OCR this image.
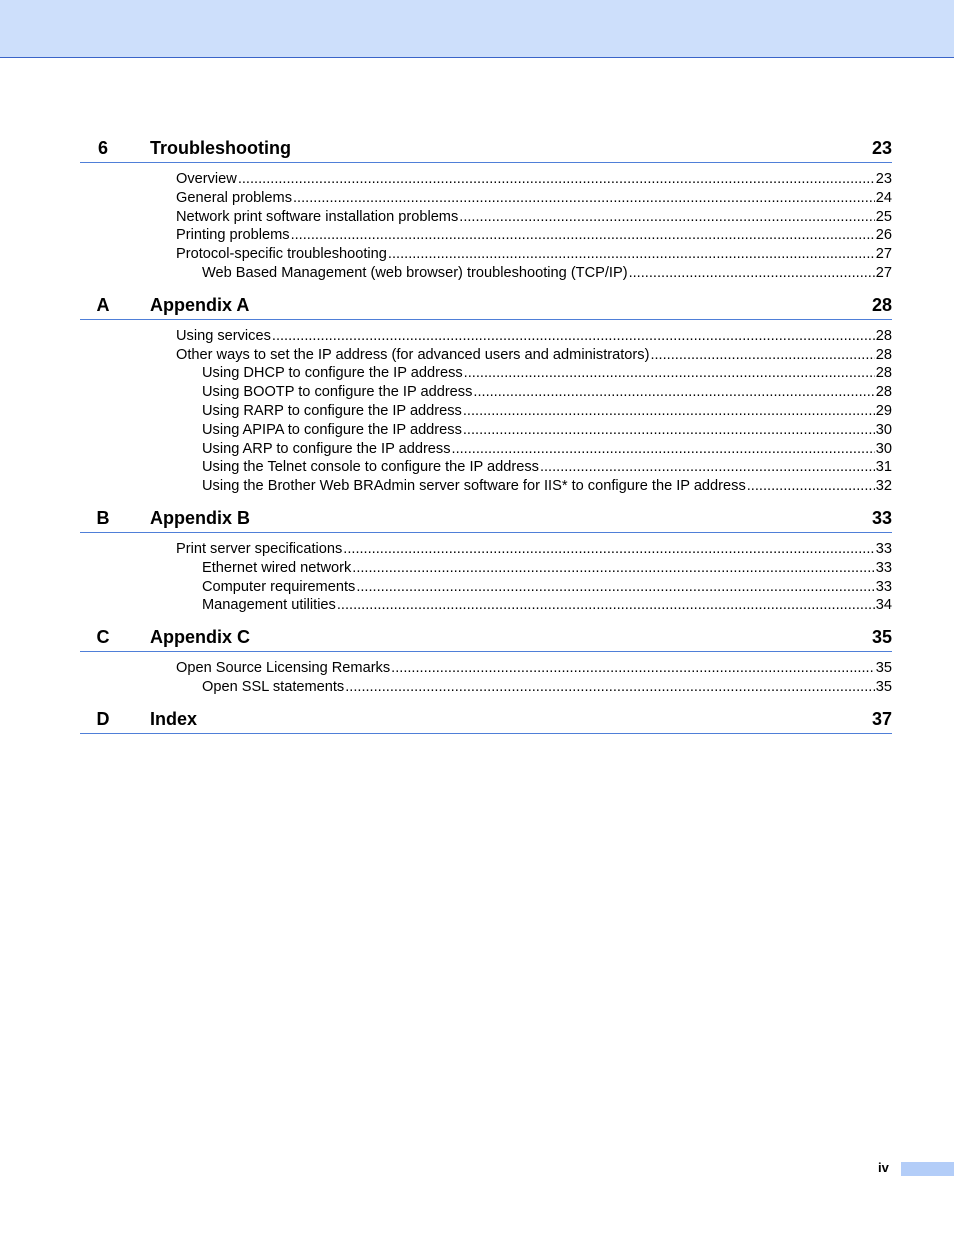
6	Troubleshooting	23
Overview .....	23
General problems .....	24
Network print software installation problems .....	25
Printing problems .....	26
Protocol-specific troubleshooting .....	27
Web Based Management (web browser) troubleshooting (TCP/IP) .....	27
A	Appendix A	28
Using services .....	28
Other ways to set the IP address (for advanced users and administrators) .....	28
Using DHCP to configure the IP address .....	28
Using BOOTP to configure the IP address .....	28
Using RARP to configure the IP address .....	29
Using APIPA to configure the IP address .....	30
Using ARP to configure the IP address .....	30
Using the Telnet console to configure the IP address .....	31
Using the Brother Web BRAdmin server software for IIS* to configure the IP address .....	32
B	Appendix B	33
Print server specifications .....	33
Ethernet wired network .....	33
Computer requirements .....	33
Management utilities .....	34
C	Appendix C	35
Open Source Licensing Remarks .....	35
Open SSL statements .....	35
D	Index	37
iv
